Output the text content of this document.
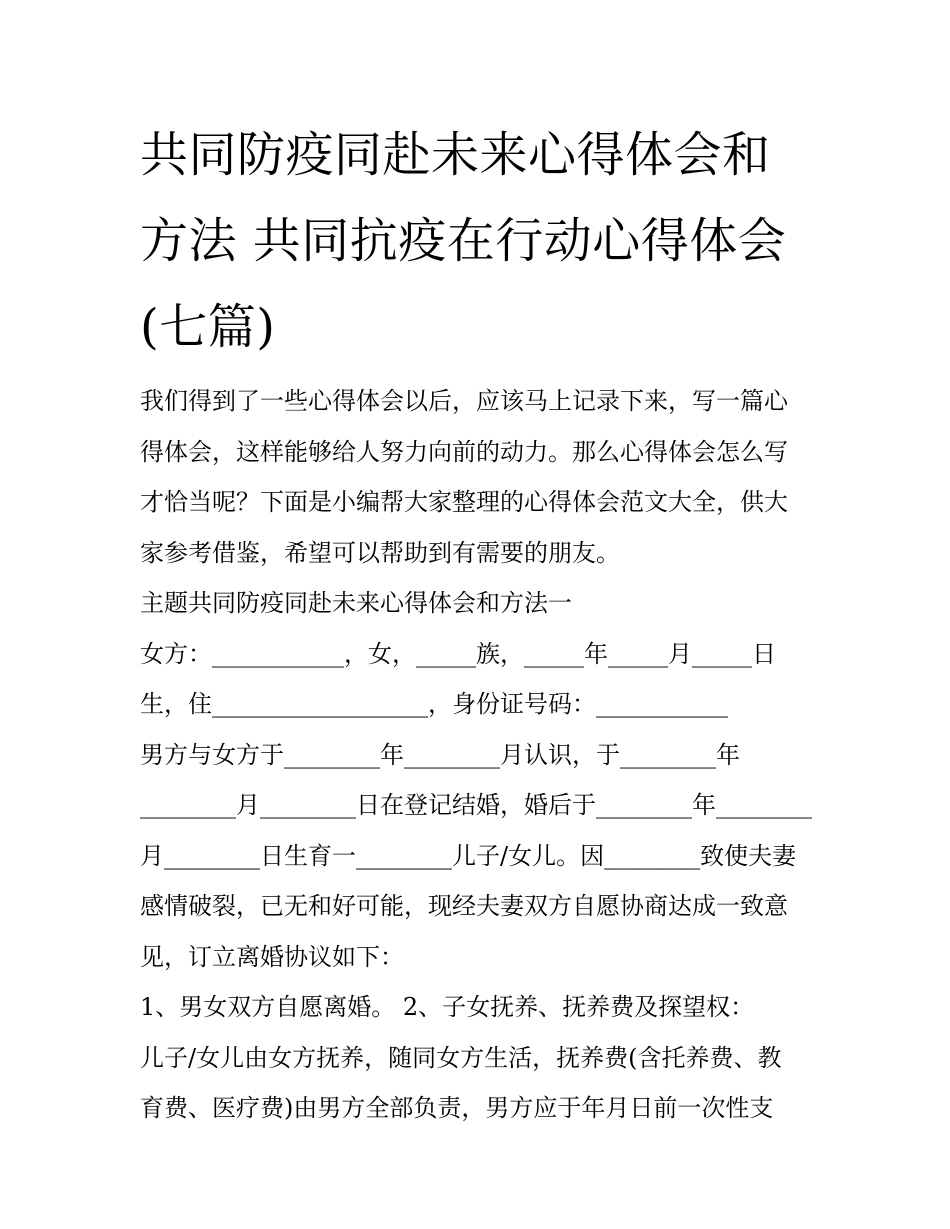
共同防疫同赴未来心得体会和
方法 共同抗疫在行动心得体会
(七篇)

我们得到了一些心得体会以后，应该马上记录下来，写一篇心
得体会，这样能够给人努力向前的动力。那么心得体会怎么写
才恰当呢？下面是小编帮大家整理的心得体会范文大全，供大
家参考借鉴，希望可以帮助到有需要的朋友。

主题共同防疫同赴未来心得体会和方法一

女方：___________，女，_____族，_____年_____月_____日
生，住__________________，身份证号码：___________
男方与女方于________年________月认识，于________年
________月________日在登记结婚，婚后于________年________
月________日生育一________儿子/女儿。因________致使夫妻
感情破裂，已无和好可能，现经夫妻双方自愿协商达成一致意
见，订立离婚协议如下：

1、男女双方自愿离婚。 2、子女抚养、抚养费及探望权：

儿子/女儿由女方抚养，随同女方生活，抚养费(含托养费、教
育费、医疗费)由男方全部负责，男方应于年月日前一次性支
